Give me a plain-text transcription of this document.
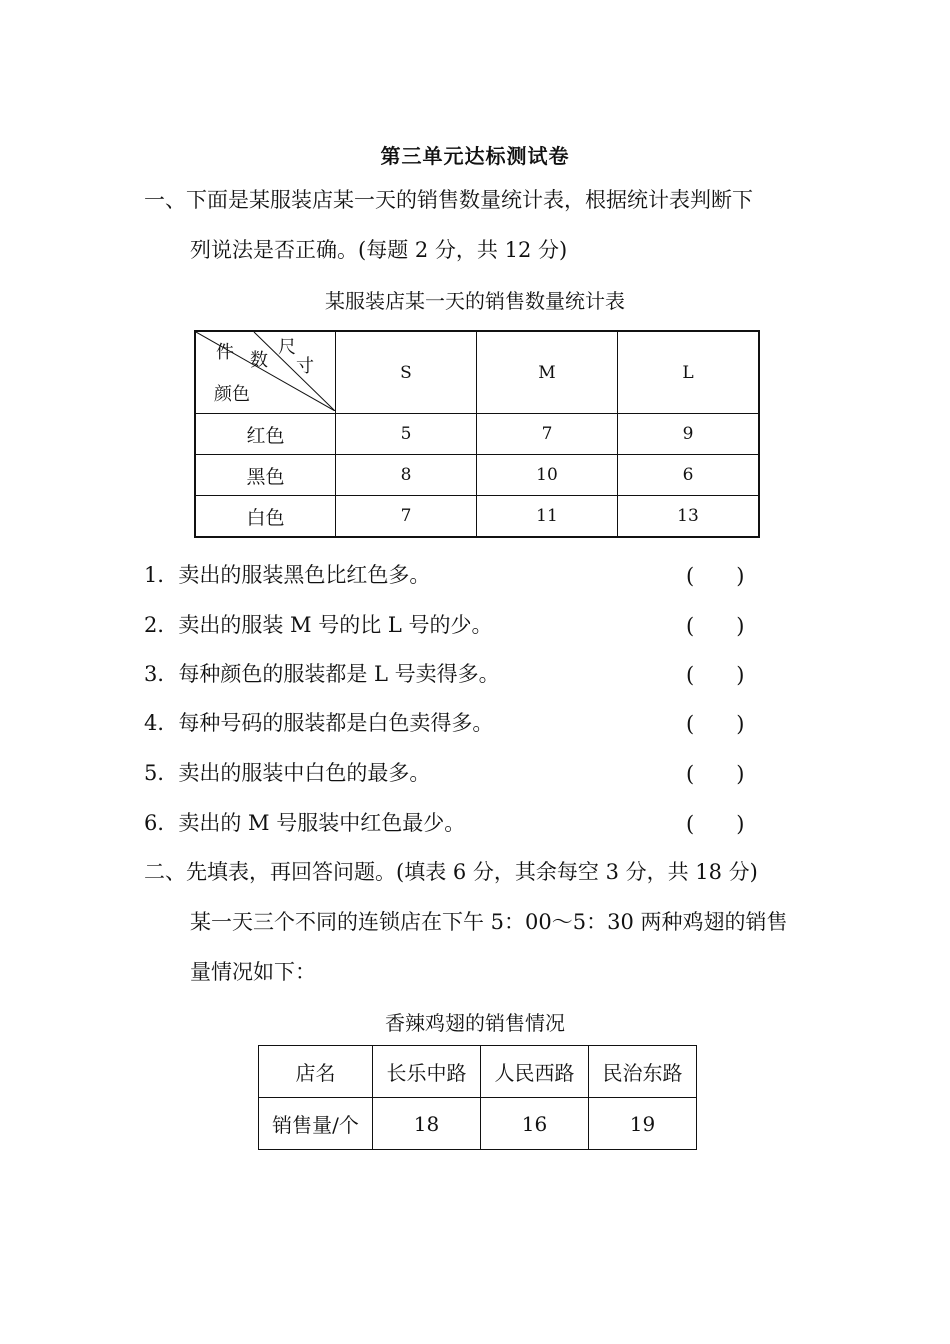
第三单元达标测试卷
一、下面是某服装店某一天的销售数量统计表，根据统计表判断下
列说法是否正确。(每题 2 分，共 12 分)
某服装店某一天的销售数量统计表
件 数
尺
寸
颜色	S	M	L
红色	5	7	9
黑色	8	10	6
白色	7	11	13
1．卖出的服装黑色比红色多。	(　　)
2．卖出的服装 M 号的比 L 号的少。	(　　)
3．每种颜色的服装都是 L 号卖得多。	(　　)
4．每种号码的服装都是白色卖得多。	(　　)
5．卖出的服装中白色的最多。	(　　)
6．卖出的 M 号服装中红色最少。	(　　)
二、先填表，再回答问题。(填表 6 分，其余每空 3 分，共 18 分)
某一天三个不同的连锁店在下午 5：00～5：30 两种鸡翅的销售
量情况如下：
香辣鸡翅的销售情况
店名	长乐中路	人民西路	民治东路
销售量/个	18	16	19
